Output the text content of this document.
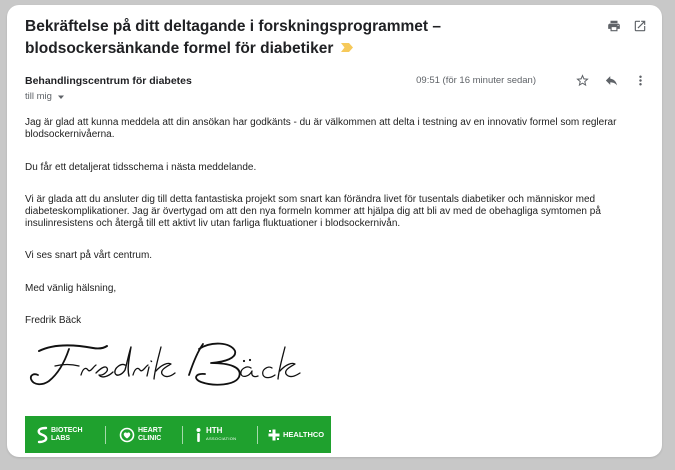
Bekräftelse på ditt deltagande i forskningsprogrammet – blodsockersänkande formel för diabetiker
Behandlingscentrum för diabetes
till mig
09:51 (för 16 minuter sedan)

Jag är glad att kunna meddela att din ansökan har godkänts - du är välkommen att delta i testning av en innovativ formel som reglerar blodsockernivåerna.

Du får ett detaljerat tidsschema i nästa meddelande.

Vi är glada att du ansluter dig till detta fantastiska projekt som snart kan förändra livet för tusentals diabetiker och människor med diabeteskomplikationer. Jag är övertygad om att den nya formeln kommer att hjälpa dig att bli av med de obehagliga symtomen på insulinresistens och återgå till ett aktivt liv utan farliga fluktuationer i blodsockernivån.

Vi ses snart på vårt centrum.

Med vänlig hälsning,

Fredrik Bäck

BIOTECH
LABS
HEART
CLINIC
HTH
ASSOCIATION	HEALTHCO
